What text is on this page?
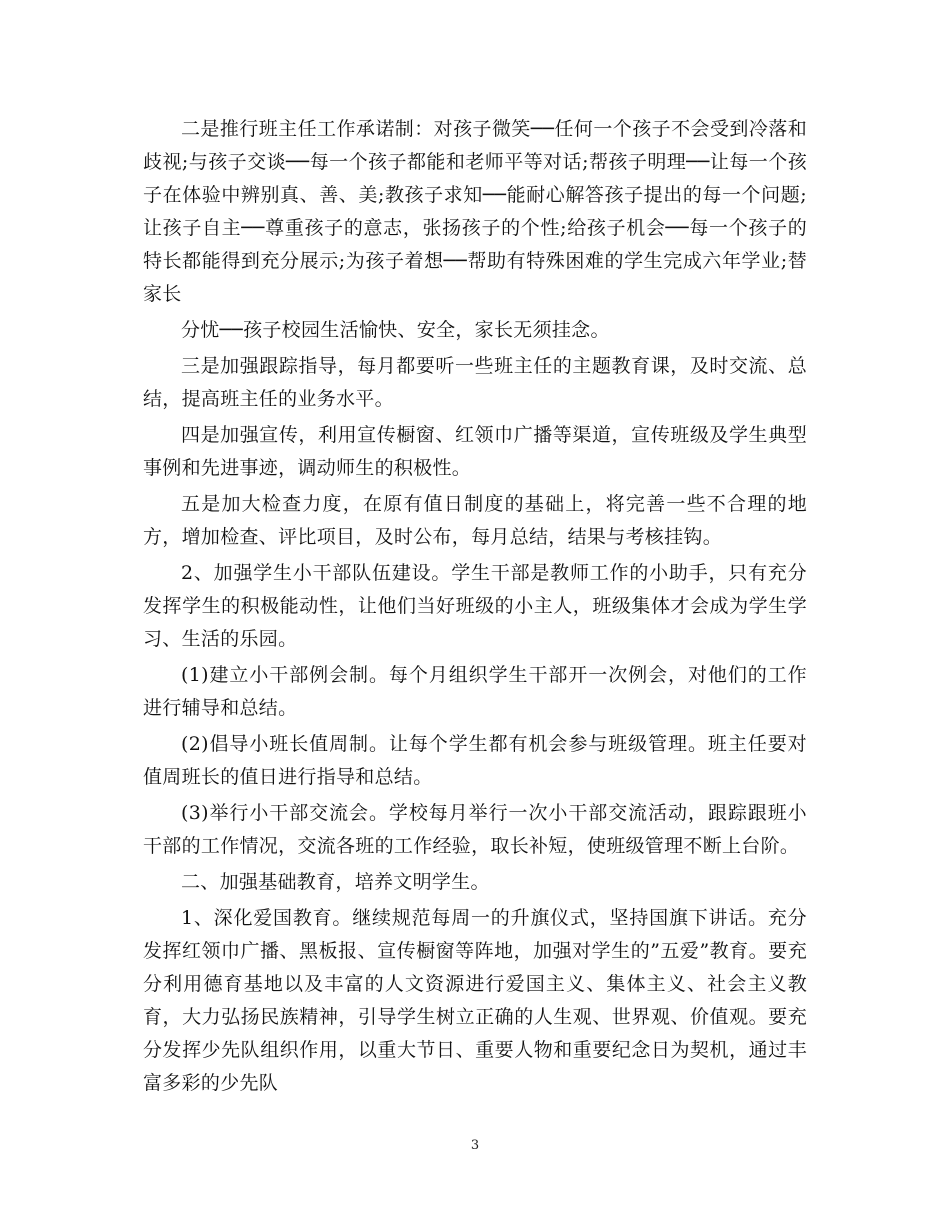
二是推行班主任工作承诺制：对孩子微笑──任何一个孩子不会受到冷落和歧视;与孩子交谈──每一个孩子都能和老师平等对话;帮孩子明理──让每一个孩子在体验中辨别真、善、美;教孩子求知──能耐心解答孩子提出的每一个问题;让孩子自主──尊重孩子的意志，张扬孩子的个性;给孩子机会──每一个孩子的特长都能得到充分展示;为孩子着想──帮助有特殊困难的学生完成六年学业;替家长

分忧──孩子校园生活愉快、安全，家长无须挂念。

三是加强跟踪指导，每月都要听一些班主任的主题教育课，及时交流、总结，提高班主任的业务水平。

四是加强宣传，利用宣传橱窗、红领巾广播等渠道，宣传班级及学生典型事例和先进事迹，调动师生的积极性。

五是加大检查力度，在原有值日制度的基础上，将完善一些不合理的地方，增加检查、评比项目，及时公布，每月总结，结果与考核挂钩。

2、加强学生小干部队伍建设。学生干部是教师工作的小助手，只有充分发挥学生的积极能动性，让他们当好班级的小主人，班级集体才会成为学生学习、生活的乐园。

(1)建立小干部例会制。每个月组织学生干部开一次例会，对他们的工作进行辅导和总结。

(2)倡导小班长值周制。让每个学生都有机会参与班级管理。班主任要对值周班长的值日进行指导和总结。

(3)举行小干部交流会。学校每月举行一次小干部交流活动，跟踪跟班小干部的工作情况，交流各班的工作经验，取长补短，使班级管理不断上台阶。

二、加强基础教育，培养文明学生。

1、深化爱国教育。继续规范每周一的升旗仪式，坚持国旗下讲话。充分发挥红领巾广播、黑板报、宣传橱窗等阵地，加强对学生的”五爱”教育。要充分利用德育基地以及丰富的人文资源进行爱国主义、集体主义、社会主义教育，大力弘扬民族精神，引导学生树立正确的人生观、世界观、价值观。要充分发挥少先队组织作用，以重大节日、重要人物和重要纪念日为契机，通过丰富多彩的少先队

3
